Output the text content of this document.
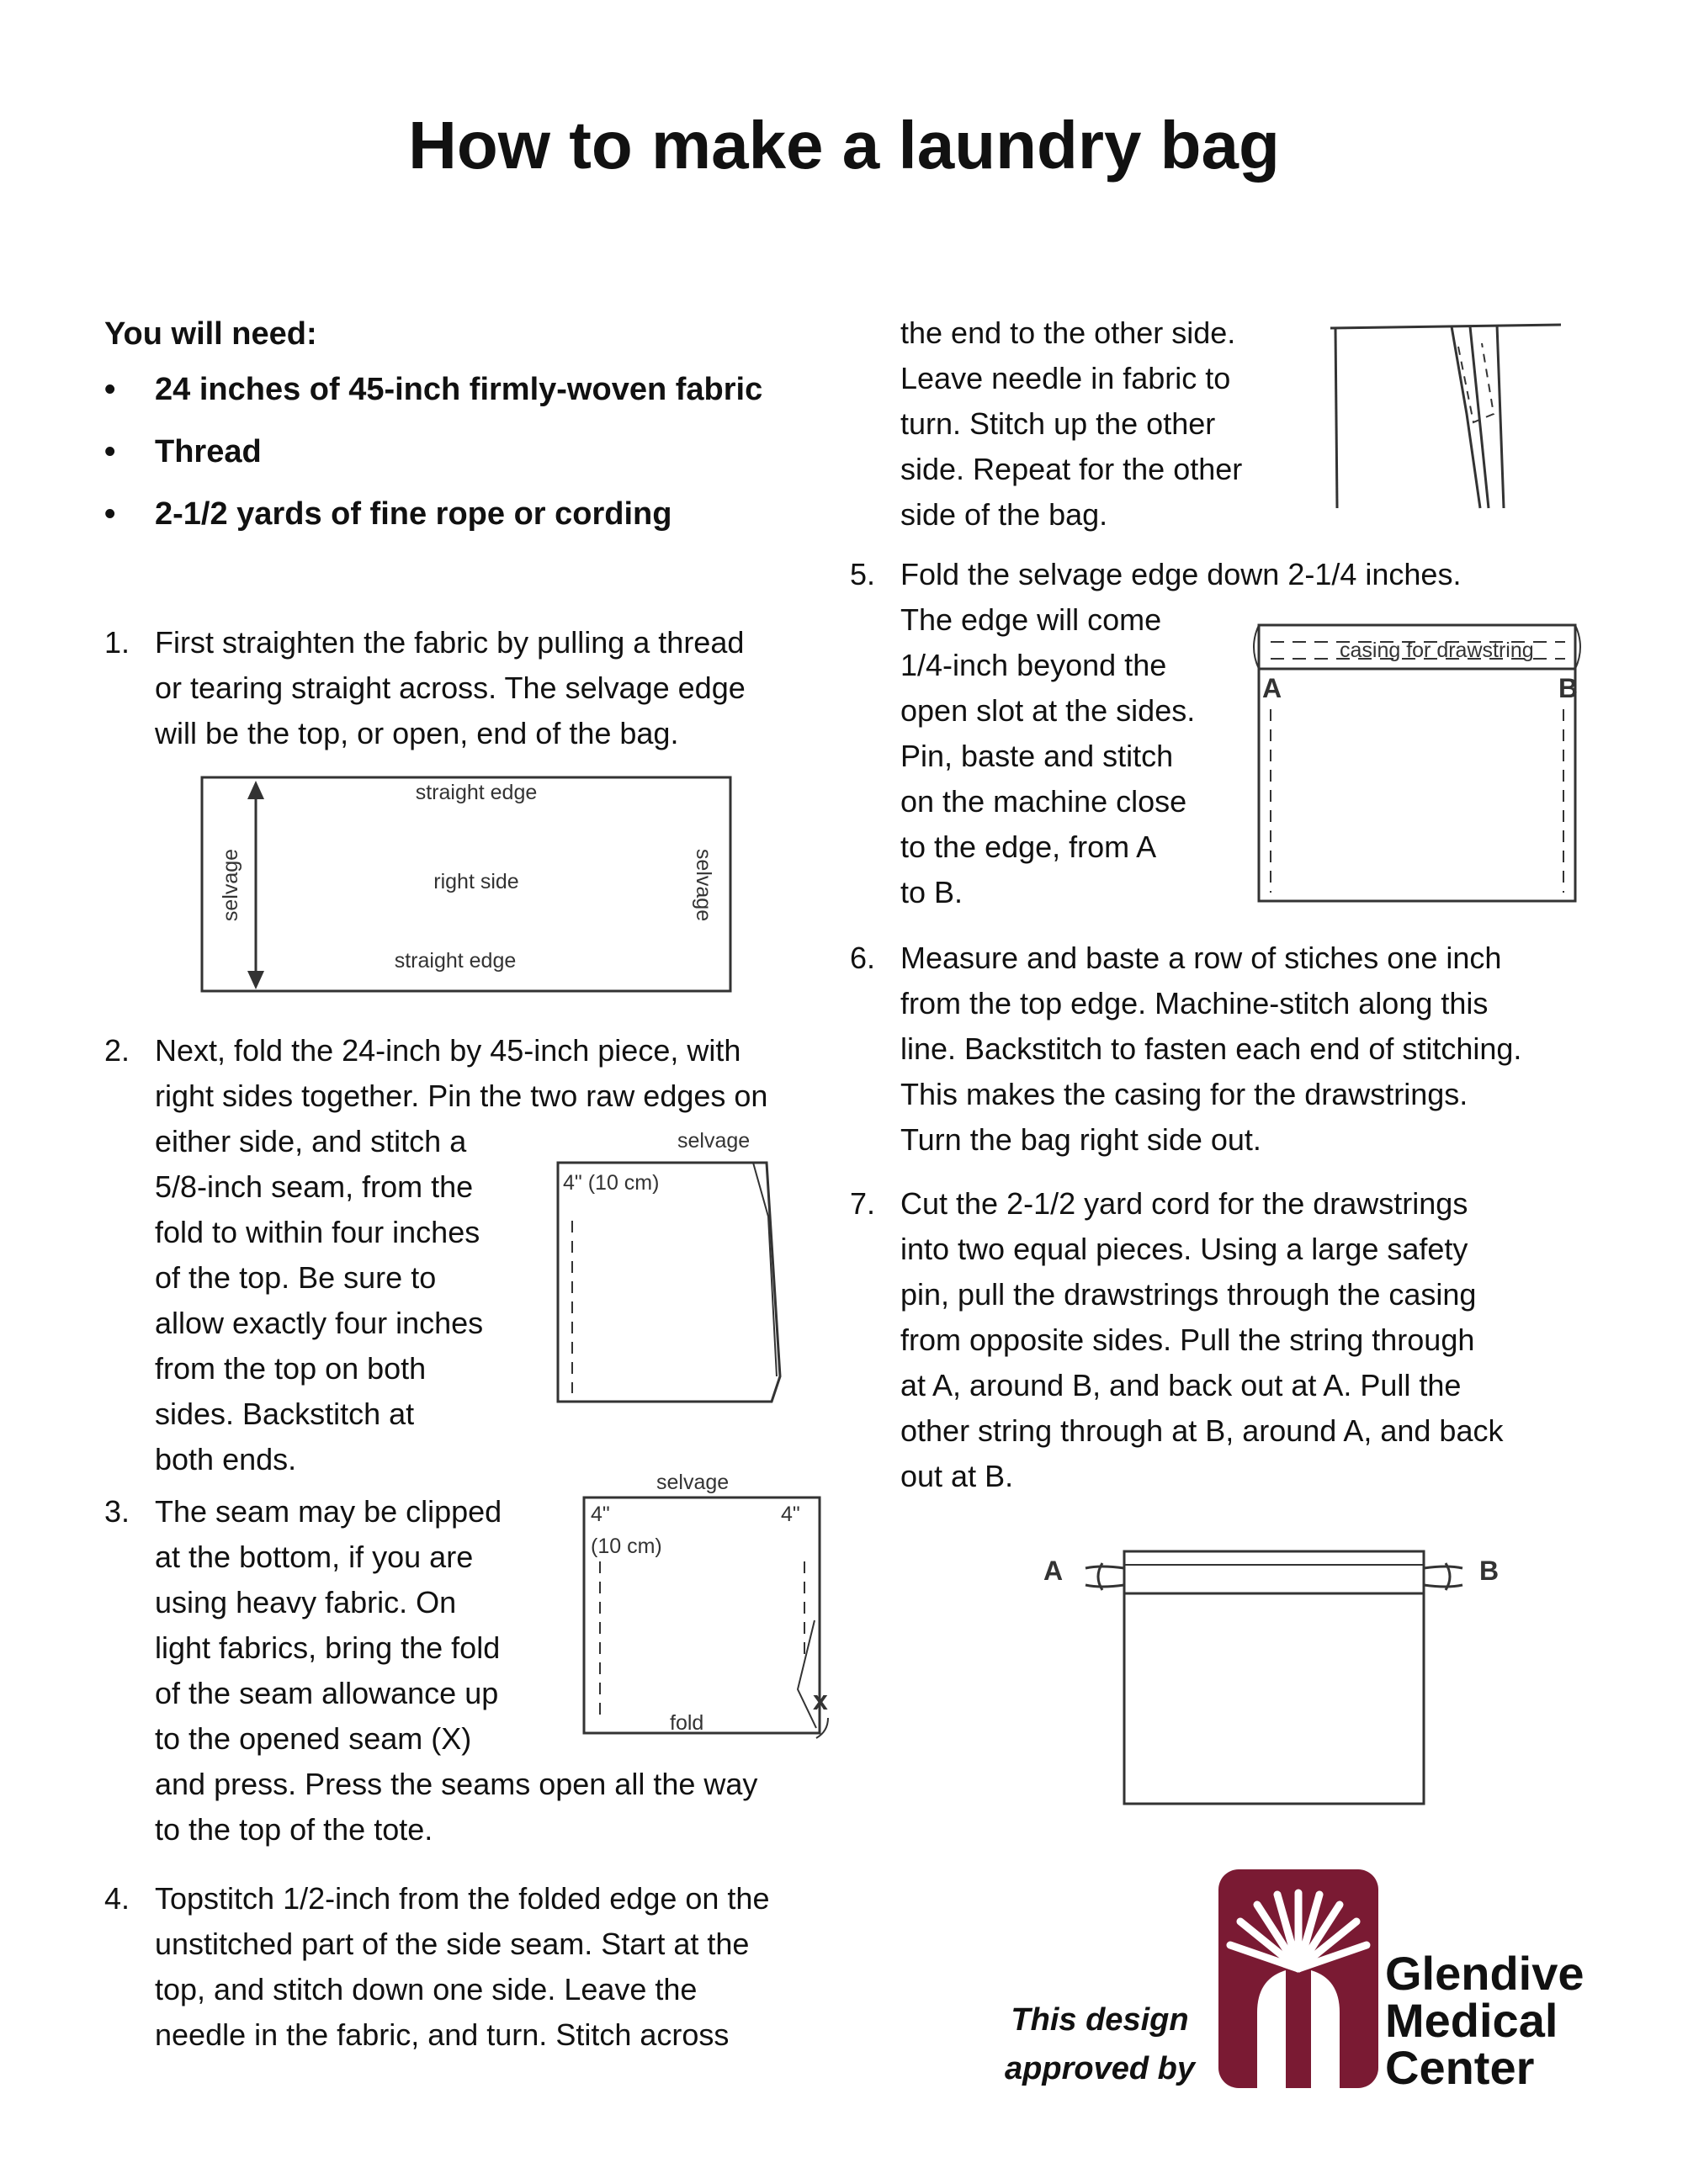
How to make a laundry bag
You will need:
• 24 inches of 45-inch firmly-woven fabric
• Thread
• 2-1/2 yards of fine rope or cording
1. First straighten the fabric by pulling a thread
or tearing straight across. The selvage edge
will be the top, or open, end of the bag.
straight edge
right side
straight edge
selvage	selvage
2. Next, fold the 24-inch by 45-inch piece, with
right sides together. Pin the two raw edges on
either side, and stitch a
5/8-inch seam, from the
fold to within four inches
of the top. Be sure to
allow exactly four inches
from the top on both
sides. Backstitch at
both ends.
selvage
4" (10 cm)
3. The seam may be clipped
at the bottom, if you are
using heavy fabric. On
light fabrics, bring the fold
of the seam allowance up
to the opened seam (X)
and press. Press the seams open all the way
to the top of the tote.
selvage
4"
(10 cm)
4"
fold
x
4. Topstitch 1/2-inch from the folded edge on the
unstitched part of the side seam. Start at the
top, and stitch down one side. Leave the
needle in the fabric, and turn. Stitch across
the end to the other side.
Leave needle in fabric to
turn. Stitch up the other
side. Repeat for the other
side of the bag.
5. Fold the selvage edge down 2-1/4 inches.
The edge will come
1/4-inch beyond the
open slot at the sides.
Pin, baste and stitch
on the machine close
to the edge, from A
to B.
casing for drawstring
A	B
6. Measure and baste a row of stiches one inch
from the top edge. Machine-stitch along this
line. Backstitch to fasten each end of stitching.
This makes the casing for the drawstrings.
Turn the bag right side out.
7. Cut the 2-1/2 yard cord for the drawstrings
into two equal pieces. Using a large safety
pin, pull the drawstrings through the casing
from opposite sides. Pull the string through
at A, around B, and back out at A. Pull the
other string through at B, around A, and back
out at B.
A	B
This design
approved by
Glendive
Medical
Center
